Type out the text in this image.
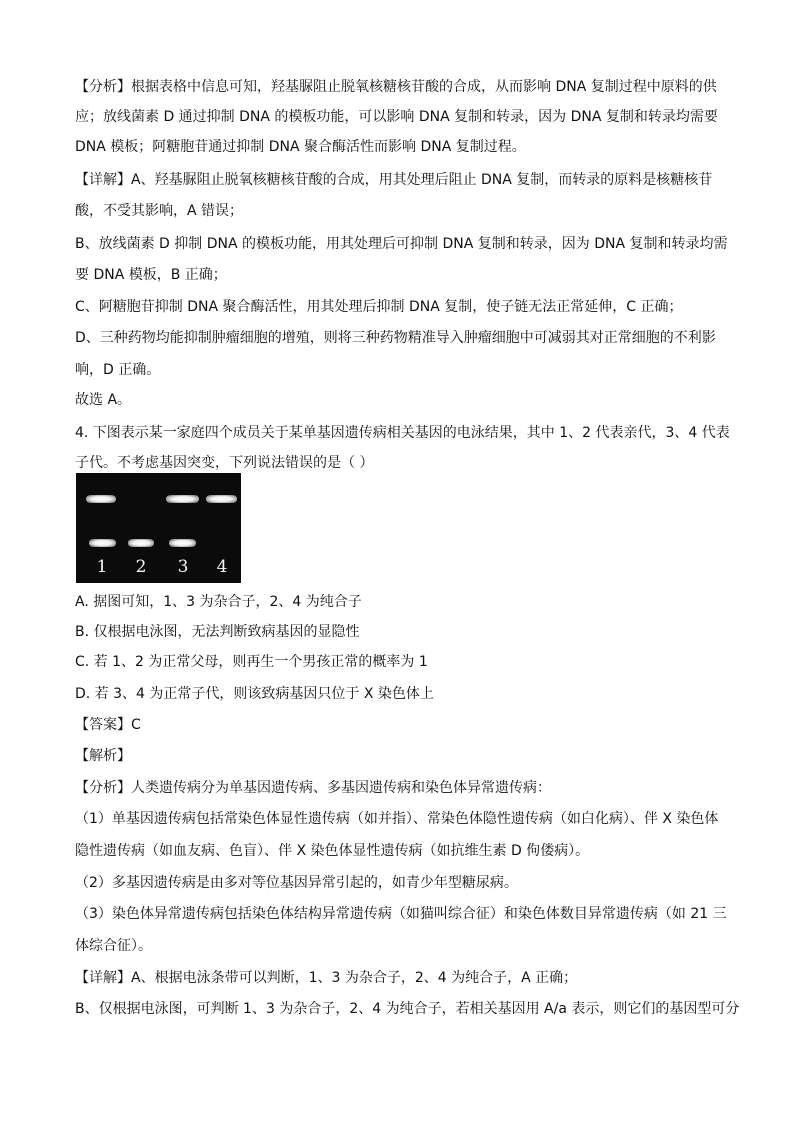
【分析】根据表格中信息可知，羟基脲阻止脱氧核糖核苷酸的合成，从而影响 DNA 复制过程中原料的供
应；放线菌素 D 通过抑制 DNA 的模板功能，可以影响 DNA 复制和转录，因为 DNA 复制和转录均需要
DNA 模板；阿糖胞苷通过抑制 DNA 聚合酶活性而影响 DNA 复制过程。
【详解】A、羟基脲阻止脱氧核糖核苷酸的合成，用其处理后阻止 DNA 复制，而转录的原料是核糖核苷
酸，不受其影响，A 错误；
B、放线菌素 D 抑制 DNA 的模板功能，用其处理后可抑制 DNA 复制和转录，因为 DNA 复制和转录均需
要 DNA 模板，B 正确；
C、阿糖胞苷抑制 DNA 聚合酶活性，用其处理后抑制 DNA 复制，使子链无法正常延伸，C 正确；
D、三种药物均能抑制肿瘤细胞的增殖，则将三种药物精准导入肿瘤细胞中可减弱其对正常细胞的不利影
响，D 正确。
故选 A。
4. 下图表示某一家庭四个成员关于某单基因遗传病相关基因的电泳结果，其中 1、2 代表亲代，3、4 代表
子代。不考虑基因突变，下列说法错误的是（ ）
A. 据图可知，1、3 为杂合子，2、4 为纯合子
B. 仅根据电泳图，无法判断致病基因的显隐性
C. 若 1、2 为正常父母，则再生一个男孩正常的概率为 1
D. 若 3、4 为正常子代，则该致病基因只位于 X 染色体上
【答案】C
【解析】
【分析】人类遗传病分为单基因遗传病、多基因遗传病和染色体异常遗传病：
（1）单基因遗传病包括常染色体显性遗传病（如并指）、常染色体隐性遗传病（如白化病）、伴 X 染色体
隐性遗传病（如血友病、色盲）、伴 X 染色体显性遗传病（如抗维生素 D 佝偻病）。
（2）多基因遗传病是由多对等位基因异常引起的，如青少年型糖尿病。
（3）染色体异常遗传病包括染色体结构异常遗传病（如猫叫综合征）和染色体数目异常遗传病（如 21 三
体综合征）。
【详解】A、根据电泳条带可以判断，1、3 为杂合子，2、4 为纯合子，A 正确；
B、仅根据电泳图，可判断 1、3 为杂合子，2、4 为纯合子，若相关基因用 A/a 表示，则它们的基因型可分
1	2	3	4
